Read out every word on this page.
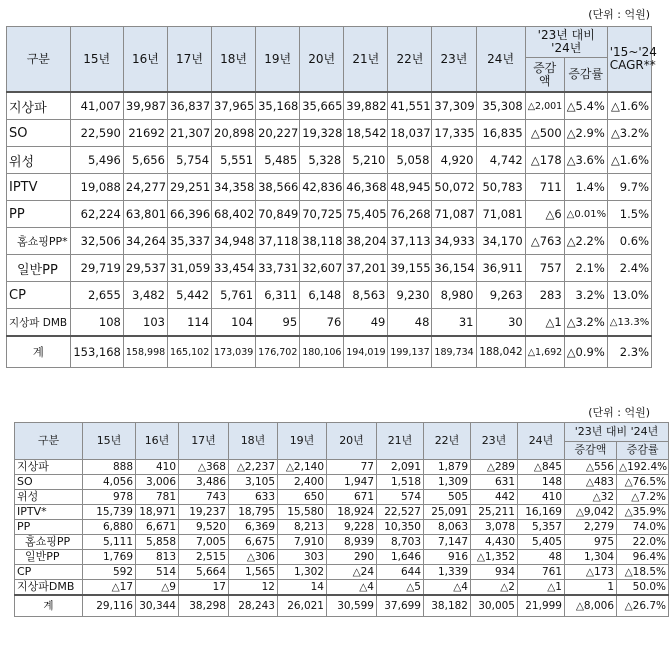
(단위 : 억원)
구분	15년	16년	17년	18년	19년	20년	21년	22년	23년	24년	'23년 대비 '24년		'15~'24 CAGR**
											증감액	증감률	
지상파	41,007	39,987	36,837	37,965	35,168	35,665	39,882	41,551	37,309	35,308	△2,001	△5.4%	△1.6%
SO	22,590	21692	21,307	20,898	20,227	19,328	18,542	18,037	17,335	16,835	△500	△2.9%	△3.2%
위성	5,496	5,656	5,754	5,551	5,485	5,328	5,210	5,058	4,920	4,742	△178	△3.6%	△1.6%
IPTV	19,088	24,277	29,251	34,358	38,566	42,836	46,368	48,945	50,072	50,783	711	1.4%	9.7%
PP	62,224	63,801	66,396	68,402	70,849	70,725	75,405	76,268	71,087	71,081	△6	△0.01%	1.5%
홈쇼핑PP*	32,506	34,264	35,337	34,948	37,118	38,118	38,204	37,113	34,933	34,170	△763	△2.2%	0.6%
일반PP	29,719	29,537	31,059	33,454	33,731	32,607	37,201	39,155	36,154	36,911	757	2.1%	2.4%
CP	2,655	3,482	5,442	5,761	6,311	6,148	8,563	9,230	8,980	9,263	283	3.2%	13.0%
지상파 DMB	108	103	114	104	95	76	49	48	31	30	△1	△3.2%	△13.3%
계	153,168	158,998	165,102	173,039	176,702	180,106	194,019	199,137	189,734	188,042	△1,692	△0.9%	2.3%
(단위 : 억원)
구분	15년	16년	17년	18년	19년	20년	21년	22년	23년	24년	'23년 대비 '24년	
											증감액	증감률
지상파	888	410	△368	△2,237	△2,140	77	2,091	1,879	△289	△845	△556	△192.4%
SO	4,056	3,006	3,486	3,105	2,400	1,947	1,518	1,309	631	148	△483	△76.5%
위성	978	781	743	633	650	671	574	505	442	410	△32	△7.2%
IPTV*	15,739	18,971	19,237	18,795	15,580	18,924	22,527	25,091	25,211	16,169	△9,042	△35.9%
PP	6,880	6,671	9,520	6,369	8,213	9,228	10,350	8,063	3,078	5,357	2,279	74.0%
홈쇼핑PP	5,111	5,858	7,005	6,675	7,910	8,939	8,703	7,147	4,430	5,405	975	22.0%
일반PP	1,769	813	2,515	△306	303	290	1,646	916	△1,352	48	1,304	96.4%
CP	592	514	5,664	1,565	1,302	△24	644	1,339	934	761	△173	△18.5%
지상파DMB	△17	△9	17	12	14	△4	△5	△4	△2	△1	1	50.0%
계	29,116	30,344	38,298	28,243	26,021	30,599	37,699	38,182	30,005	21,999	△8,006	△26.7%
